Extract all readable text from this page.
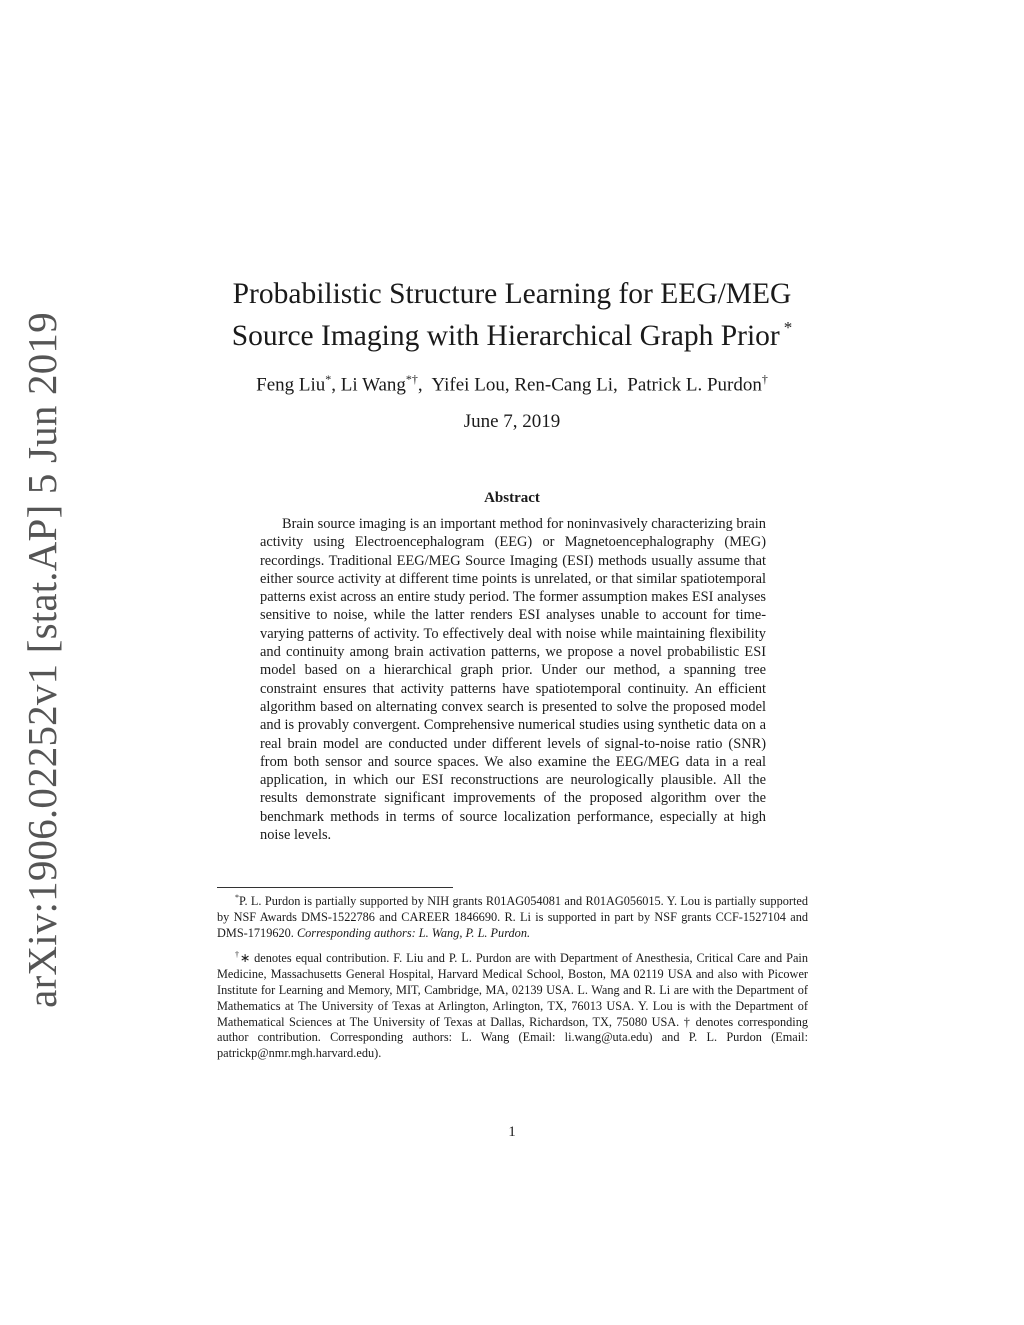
arXiv:1906.02252v1 [stat.AP] 5 Jun 2019
Probabilistic Structure Learning for EEG/MEG
Source Imaging with Hierarchical Graph Prior *
Feng Liu*, Li Wang*†,  Yifei Lou, Ren-Cang Li,  Patrick L. Purdon†
June 7, 2019
Abstract
Brain source imaging is an important method for noninvasively characterizing brain activity using Electroencephalogram (EEG) or Magnetoencephalography (MEG) recordings. Traditional EEG/MEG Source Imaging (ESI) methods usually assume that either source activity at different time points is unrelated, or that similar spatiotemporal patterns exist across an entire study period. The former assumption makes ESI analyses sensitive to noise, while the latter renders ESI analyses unable to account for time-varying patterns of activity. To effectively deal with noise while maintaining flexibility and continuity among brain activation patterns, we propose a novel probabilistic ESI model based on a hierarchical graph prior. Under our method, a spanning tree constraint ensures that activity patterns have spatiotemporal continuity. An efficient algorithm based on alternating convex search is presented to solve the proposed model and is provably convergent. Comprehensive numerical studies using synthetic data on a real brain model are conducted under different levels of signal-to-noise ratio (SNR) from both sensor and source spaces. We also examine the EEG/MEG data in a real application, in which our ESI reconstructions are neurologically plausible. All the results demonstrate significant improvements of the proposed algorithm over the benchmark methods in terms of source localization performance, especially at high noise levels.

*P. L. Purdon is partially supported by NIH grants R01AG054081 and R01AG056015. Y. Lou is partially supported by NSF Awards DMS-1522786 and CAREER 1846690. R. Li is supported in part by NSF grants CCF-1527104 and DMS-1719620. Corresponding authors: L. Wang, P. L. Purdon.

†∗ denotes equal contribution. F. Liu and P. L. Purdon are with Department of Anesthesia, Critical Care and Pain Medicine, Massachusetts General Hospital, Harvard Medical School, Boston, MA 02119 USA and also with Picower Institute for Learning and Memory, MIT, Cambridge, MA, 02139 USA. L. Wang and R. Li are with the Department of Mathematics at The University of Texas at Arlington, Arlington, TX, 76013 USA. Y. Lou is with the Department of Mathematical Sciences at The University of Texas at Dallas, Richardson, TX, 75080 USA. † denotes corresponding author contribution. Corresponding authors: L. Wang (Email: li.wang@uta.edu) and P. L. Purdon (Email: patrickp@nmr.mgh.harvard.edu).

1
